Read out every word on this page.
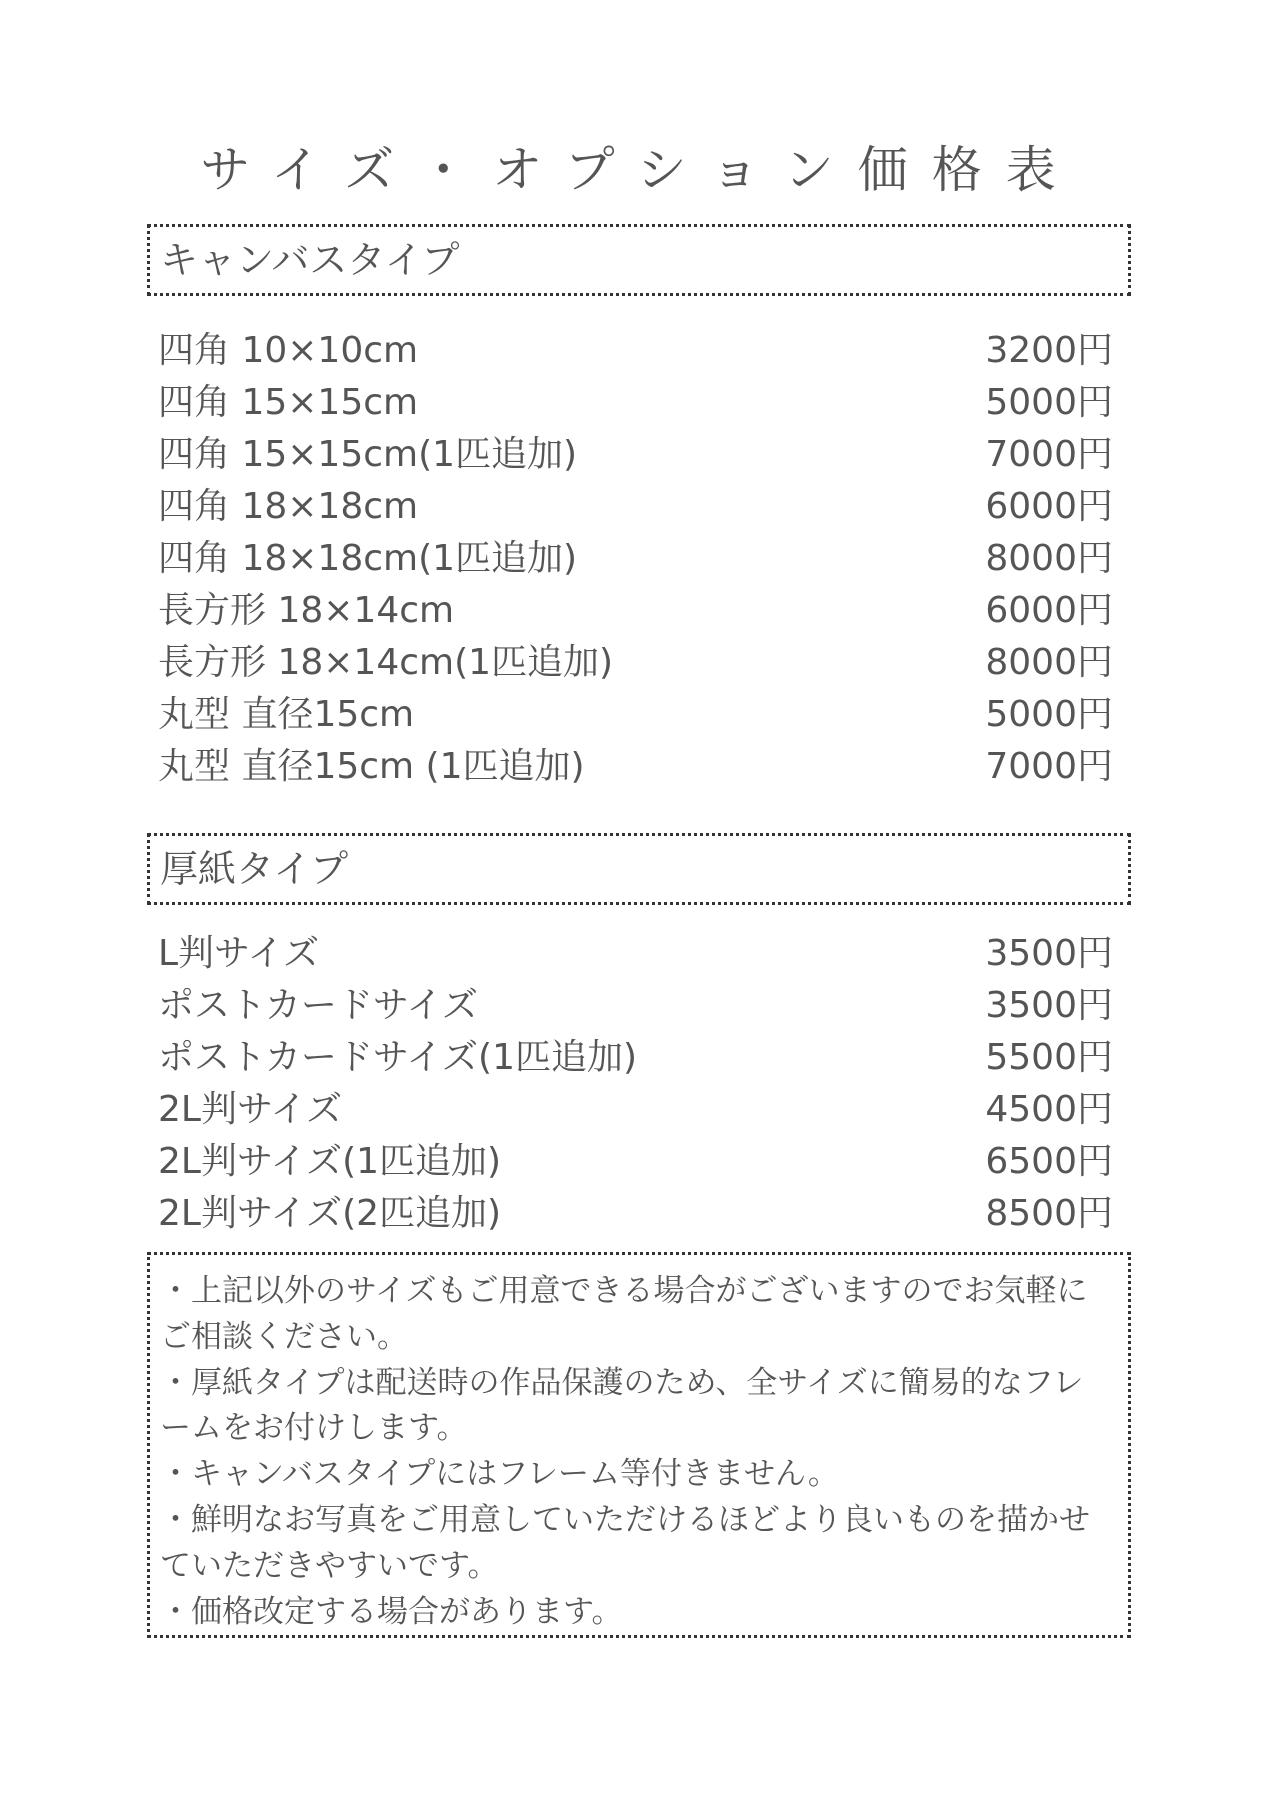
サイズ・オプション価格表
キャンバスタイプ
四角 10×10cm	3200円
四角 15×15cm	5000円
四角 15×15cm(1匹追加)	7000円
四角 18×18cm	6000円
四角 18×18cm(1匹追加)	8000円
長方形 18×14cm	6000円
長方形 18×14cm(1匹追加)	8000円
丸型 直径15cm	5000円
丸型 直径15cm (1匹追加)	7000円
厚紙タイプ
L判サイズ	3500円
ポストカードサイズ	3500円
ポストカードサイズ(1匹追加)	5500円
2L判サイズ	4500円
2L判サイズ(1匹追加)	6500円
2L判サイズ(2匹追加)	8500円

・上記以外のサイズもご用意できる場合がございますのでお気軽にご相談ください。

・厚紙タイプは配送時の作品保護のため、全サイズに簡易的なフレームをお付けします。

・キャンバスタイプにはフレーム等付きません。

・鮮明なお写真をご用意していただけるほどより良いものを描かせていただきやすいです。

・価格改定する場合があります。
